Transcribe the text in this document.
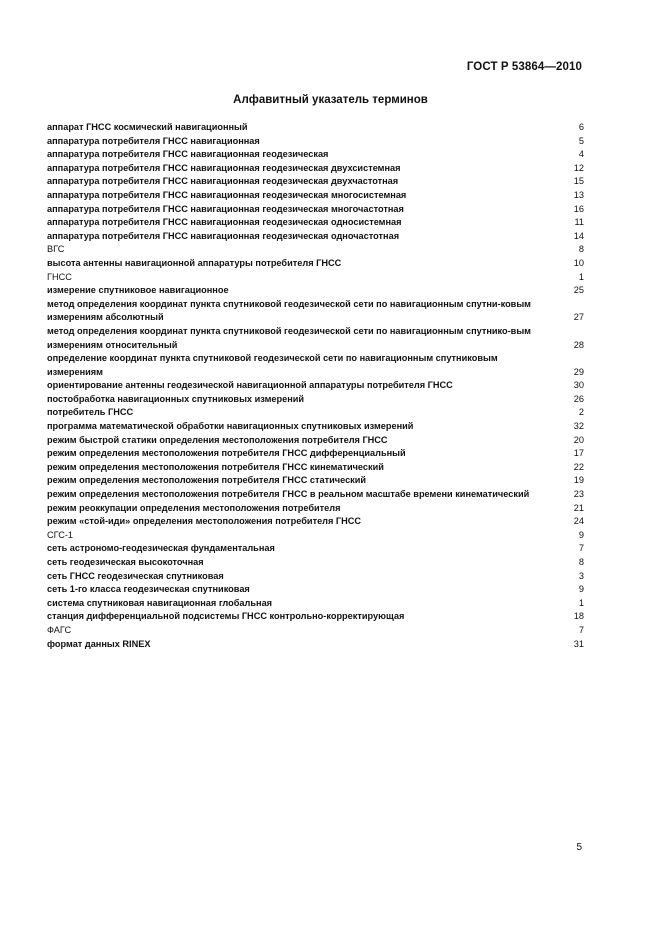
ГОСТ Р 53864—2010
Алфавитный указатель терминов
аппарат ГНСС космический навигационный	6
аппаратура потребителя ГНСС навигационная	5
аппаратура потребителя ГНСС навигационная геодезическая	4
аппаратура потребителя ГНСС навигационная геодезическая двухсистемная	12
аппаратура потребителя ГНСС навигационная геодезическая двухчастотная	15
аппаратура потребителя ГНСС навигационная геодезическая многосистемная	13
аппаратура потребителя ГНСС навигационная геодезическая многочастотная	16
аппаратура потребителя ГНСС навигационная геодезическая односистемная	11
аппаратура потребителя ГНСС навигационная геодезическая одночастотная	14
ВГС	8
высота антенны навигационной аппаратуры потребителя ГНСС	10
ГНСС	1
измерение спутниковое навигационное	25
метод определения координат пункта спутниковой геодезической сети по навигационным спутни-ковым измерениям абсолютный	27
метод определения координат пункта спутниковой геодезической сети по навигационным спутнико-вым измерениям относительный	28
определение координат пункта спутниковой геодезической сети по навигационным спутниковым измерениям	29
ориентирование антенны геодезической навигационной аппаратуры потребителя ГНСС	30
постобработка навигационных спутниковых измерений	26
потребитель ГНСС	2
программа математической обработки навигационных спутниковых измерений	32
режим быстрой статики определения местоположения потребителя ГНСС	20
режим определения местоположения потребителя ГНСС дифференциальный	17
режим определения местоположения потребителя ГНСС кинематический	22
режим определения местоположения потребителя ГНСС статический	19
режим определения местоположения потребителя ГНСС в реальном масштабе времени кинематический	23
режим реоккупации определения местоположения потребителя	21
режим «стой-иди» определения местоположения потребителя ГНСС	24
СГС-1	9
сеть астрономо-геодезическая фундаментальная	7
сеть геодезическая высокоточная	8
сеть ГНСС геодезическая спутниковая	3
сеть 1-го класса геодезическая спутниковая	9
система спутниковая навигационная глобальная	1
станция дифференциальной подсистемы ГНСС контрольно-корректирующая	18
ФАГС	7
формат данных RINEX	31
5
